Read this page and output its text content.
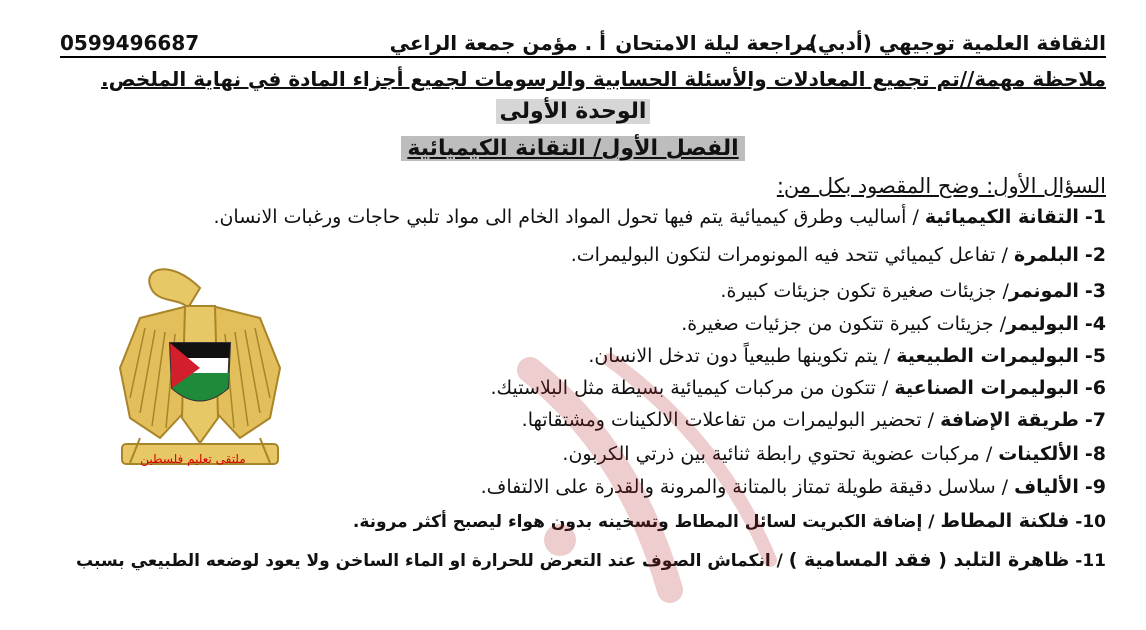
الثقافة العلمية توجيهي (أدبي)
مراجعة ليلة الامتحان
أ . مؤمن جمعة الراعي
0599496687
ملاحظة مهمة//تم تجميع المعادلات والأسئلة الحسابية والرسومات لجميع أجزاء المادة في نهاية الملخص.
الوحدة الأولى
الفصل الأول/ التقانة الكيميائية
السؤال الأول: وضح المقصود بكل من:
1-التقانة الكيميائية / أساليب وطرق كيميائية يتم فيها تحول المواد الخام الى مواد تلبي حاجات ورغبات الانسان.
2-البلمرة / تفاعل كيميائي تتحد فيه المونومرات لتكون البوليمرات.
3-المونمر/ جزيئات صغيرة تكون جزيئات كبيرة.
4-البوليمر/ جزيئات كبيرة تتكون من جزئيات صغيرة.
5-البوليمرات الطبيعية / يتم تكوينها طبيعياً دون تدخل الانسان.
6-البوليمرات الصناعية / تتكون من مركبات كيميائية بسيطة مثل البلاستيك.
7-طريقة الإضافة / تحضير البوليمرات من تفاعلات الالكينات ومشتقاتها.
8-الألكينات / مركبات عضوية تحتوي رابطة ثنائية بين ذرتي الكربون.
9-الألياف / سلاسل دقيقة طويلة تمتاز بالمتانة والمرونة والقدرة على الالتفاف.
10-فلكنة المطاط / إضافة الكبريت لسائل المطاط وتسخينه بدون هواء ليصبح أكثر مرونة.
11-ظاهرة التلبد ( فقد المسامية ) / انكماش الصوف عند التعرض للحرارة او الماء الساخن ولا يعود لوضعه الطبيعي بسبب
ملتقى تعليم فلسطين
